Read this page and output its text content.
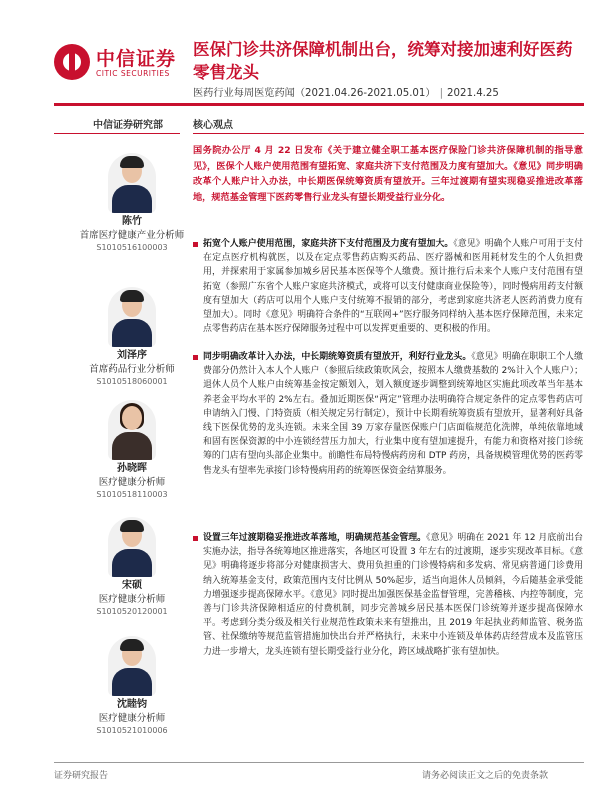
中信证券
CITIC SECURITIES
医保门诊共济保障机制出台，统筹对接加速利好医药零售龙头
医药行业每周医览药闻（2021.04.26-2021.05.01） | 2021.4.25
中信证券研究部	核心观点
陈竹
首席医疗健康产业分析师
S1010516100003
刘泽序
首席药品行业分析师
S1010518060001
孙晓晖
医疗健康分析师
S1010518110003
宋硕
医疗健康分析师
S1010520120001
沈睦钧
医疗健康分析师
S1010521010006
国务院办公厅 4 月 22 日发布《关于建立健全职工基本医疗保险门诊共济保障机制的指导意见》，医保个人账户使用范围有望拓宽、家庭共济下支付范围及力度有望加大。《意见》同步明确改革个人账户计入办法，中长期医保统筹资质有望放开。三年过渡期有望实现稳妥推进改革落地，规范基金管理下医药零售行业龙头有望长期受益行业分化。
拓宽个人账户使用范围，家庭共济下支付范围及力度有望加大。《意见》明确个人账户可用于支付在定点医疗机构就医，以及在定点零售药店购买药品、医疗器械和医用耗材发生的个人负担费用，并探索用于家属参加城乡居民基本医保等个人缴费。预计推行后未来个人账户支付范围有望拓宽（参照广东省个人账户家庭共济模式，或将可以支付健康商业保险等），同时慢病用药支付额度有望加大（药店可以用个人账户支付统筹不报销的部分，考虑到家庭共济老人医药消费力度有望加大）。同时《意见》明确符合条件的“互联网+”医疗服务同样纳入基本医疗保障范围，未来定点零售药店在基本医疗保障服务过程中可以发挥更重要的、更积极的作用。
同步明确改革计入办法，中长期统筹资质有望放开，利好行业龙头。《意见》明确在职职工个人缴费部分仍然计入本人个人账户（参照后续政策吹风会，按照本人缴费基数的 2%计入个人账户）；退休人员个人账户由统筹基金按定额划入，划入额度逐步调整到统筹地区实施此项改革当年基本养老金平均水平的 2%左右。叠加近期医保“两定”管理办法明确符合规定条件的定点零售药店可申请纳入门慢、门特资质（相关规定另行制定），预计中长期看统筹资质有望放开，显著利好具备线下医保优势的龙头连锁。未来全国 39 万家存量医保账户门店面临规范化洗牌，单纯依靠地域和固有医保资源的中小连锁经营压力加大，行业集中度有望加速提升，有能力和资格对接门诊统筹的门店有望向头部企业集中。前瞻性布局特慢病药房和 DTP 药房，具备规模管理优势的医药零售龙头有望率先承接门诊特慢病用药的统筹医保资金结算服务。
设置三年过渡期稳妥推进改革落地，明确规范基金管理。《意见》明确在 2021 年 12 月底前出台实施办法，指导各统筹地区推进落实，各地区可设置 3 年左右的过渡期，逐步实现改革目标。《意见》明确将逐步将部分对健康损害大、费用负担重的门诊慢特病和多发病、常见病普通门诊费用纳入统筹基金支付，政策范围内支付比例从 50%起步，适当向退休人员倾斜，今后随基金承受能力增强逐步提高保障水平。《意见》同时提出加强医保基金监督管理，完善稽核、内控等制度，完善与门诊共济保障相适应的付费机制，同步完善城乡居民基本医保门诊统筹并逐步提高保障水平。考虑到分类分级及相关行业规范性政策未来有望推出，且 2019 年起执业药师监管、税务监管、社保缴纳等规范监管措施加快出台并严格执行，未来中小连锁及单体药店经营成本及监管压力进一步增大，龙头连锁有望长期受益行业分化，跨区域战略扩张有望加快。
证券研究报告	请务必阅读正文之后的免责条款
